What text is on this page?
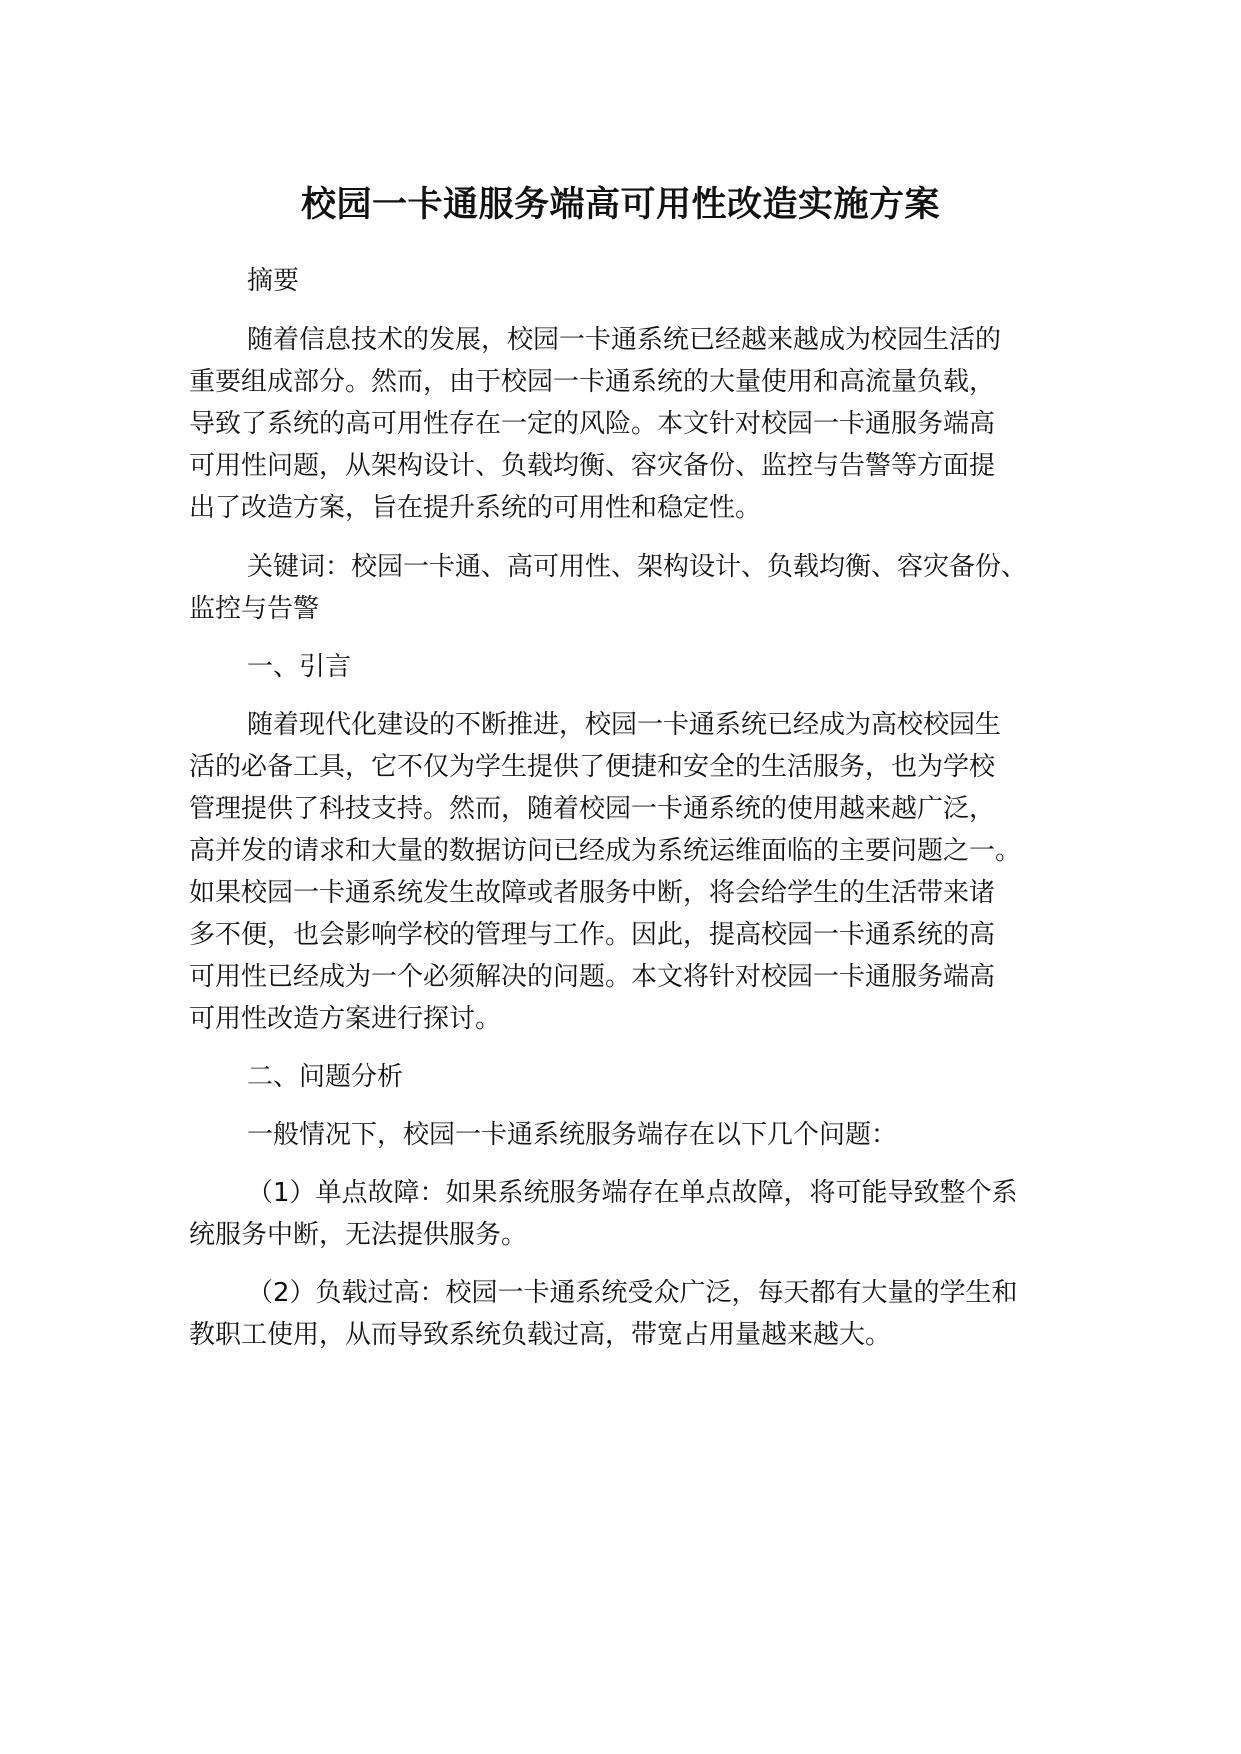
校园一卡通服务端高可用性改造实施方案

摘要

随着信息技术的发展，校园一卡通系统已经越来越成为校园生活的

重要组成部分。然而，由于校园一卡通系统的大量使用和高流量负载，

导致了系统的高可用性存在一定的风险。本文针对校园一卡通服务端高

可用性问题，从架构设计、负载均衡、容灾备份、监控与告警等方面提

出了改造方案，旨在提升系统的可用性和稳定性。

关键词：校园一卡通、高可用性、架构设计、负载均衡、容灾备份、

监控与告警

一、引言

随着现代化建设的不断推进，校园一卡通系统已经成为高校校园生

活的必备工具，它不仅为学生提供了便捷和安全的生活服务，也为学校

管理提供了科技支持。然而，随着校园一卡通系统的使用越来越广泛，

高并发的请求和大量的数据访问已经成为系统运维面临的主要问题之一。

如果校园一卡通系统发生故障或者服务中断，将会给学生的生活带来诸

多不便，也会影响学校的管理与工作。因此，提高校园一卡通系统的高

可用性已经成为一个必须解决的问题。本文将针对校园一卡通服务端高

可用性改造方案进行探讨。

二、问题分析

一般情况下，校园一卡通系统服务端存在以下几个问题：

（1）单点故障：如果系统服务端存在单点故障，将可能导致整个系

统服务中断，无法提供服务。

（2）负载过高：校园一卡通系统受众广泛，每天都有大量的学生和

教职工使用，从而导致系统负载过高，带宽占用量越来越大。
